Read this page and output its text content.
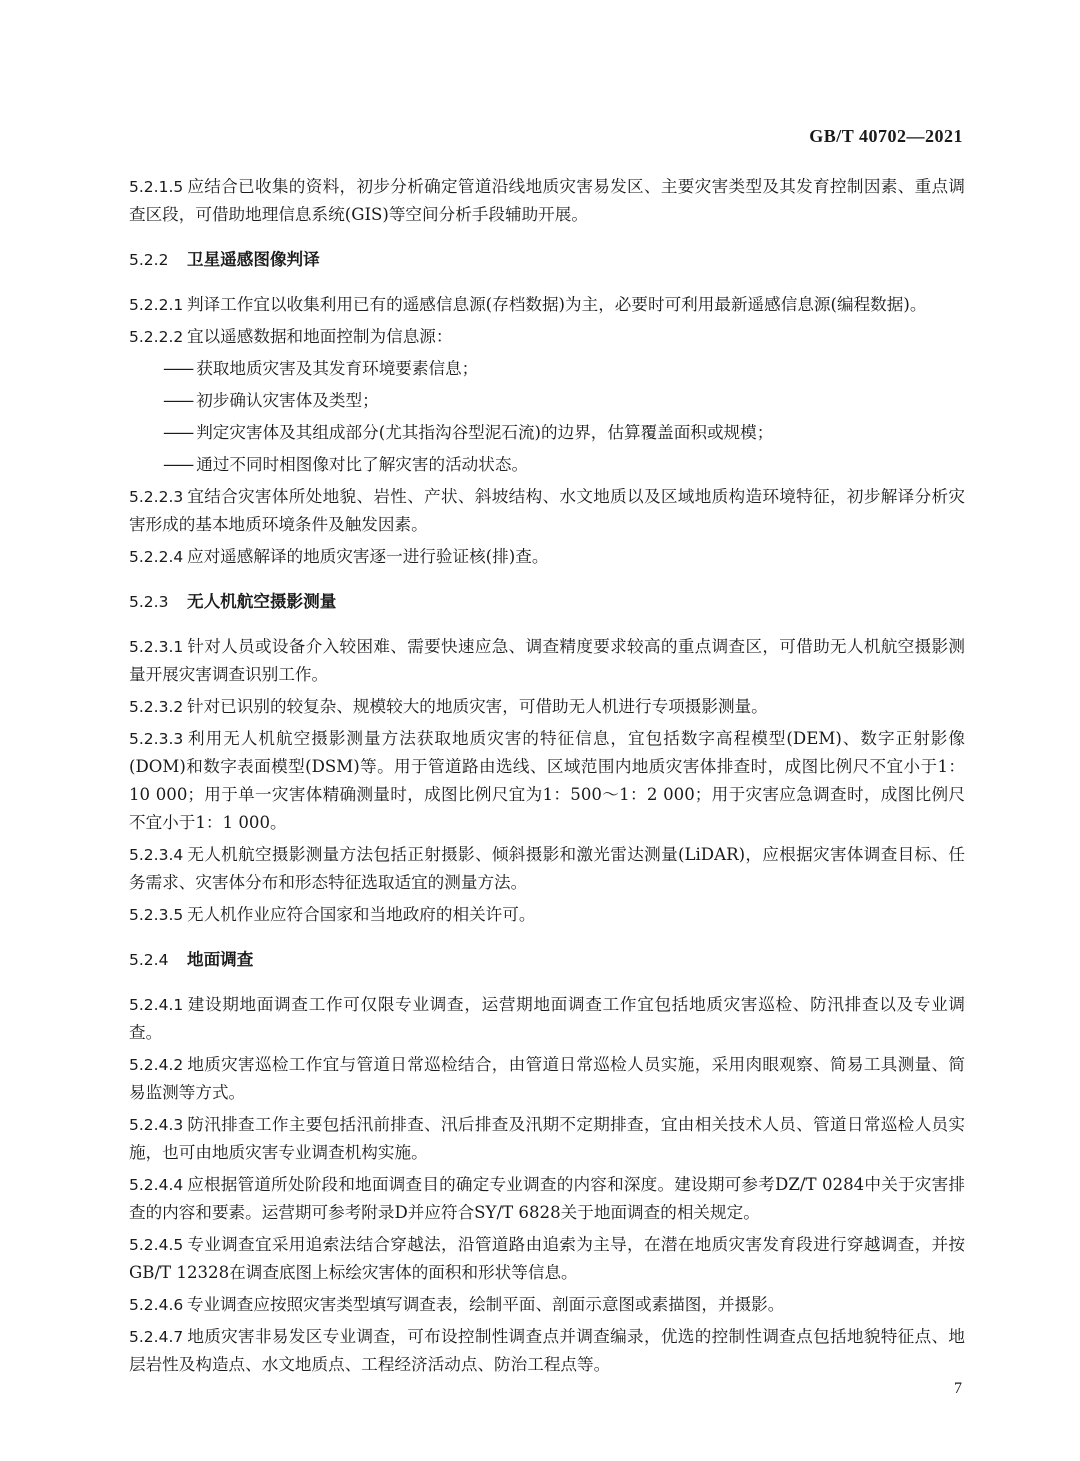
GB/T 40702—2021
5.2.1.5 应结合已收集的资料，初步分析确定管道沿线地质灾害易发区、主要灾害类型及其发育控制因素、重点调查区段，可借助地理信息系统(GIS)等空间分析手段辅助开展。
5.2.2 卫星遥感图像判译
5.2.2.1 判译工作宜以收集利用已有的遥感信息源(存档数据)为主，必要时可利用最新遥感信息源(编程数据)。
5.2.2.2 宜以遥感数据和地面控制为信息源：
—— 获取地质灾害及其发育环境要素信息；
—— 初步确认灾害体及类型；
—— 判定灾害体及其组成部分(尤其指沟谷型泥石流)的边界，估算覆盖面积或规模；
—— 通过不同时相图像对比了解灾害的活动状态。
5.2.2.3 宜结合灾害体所处地貌、岩性、产状、斜坡结构、水文地质以及区域地质构造环境特征，初步解译分析灾害形成的基本地质环境条件及触发因素。
5.2.2.4 应对遥感解译的地质灾害逐一进行验证核(排)查。
5.2.3 无人机航空摄影测量
5.2.3.1 针对人员或设备介入较困难、需要快速应急、调查精度要求较高的重点调查区，可借助无人机航空摄影测量开展灾害调查识别工作。
5.2.3.2 针对已识别的较复杂、规模较大的地质灾害，可借助无人机进行专项摄影测量。
5.2.3.3 利用无人机航空摄影测量方法获取地质灾害的特征信息，宜包括数字高程模型(DEM)、数字正射影像(DOM)和数字表面模型(DSM)等。用于管道路由选线、区域范围内地质灾害体排查时，成图比例尺不宜小于1：10 000；用于单一灾害体精确测量时，成图比例尺宜为1：500～1：2 000；用于灾害应急调查时，成图比例尺不宜小于1：1 000。
5.2.3.4 无人机航空摄影测量方法包括正射摄影、倾斜摄影和激光雷达测量(LiDAR)，应根据灾害体调查目标、任务需求、灾害体分布和形态特征选取适宜的测量方法。
5.2.3.5 无人机作业应符合国家和当地政府的相关许可。
5.2.4 地面调查
5.2.4.1 建设期地面调查工作可仅限专业调查，运营期地面调查工作宜包括地质灾害巡检、防汛排查以及专业调查。
5.2.4.2 地质灾害巡检工作宜与管道日常巡检结合，由管道日常巡检人员实施，采用肉眼观察、简易工具测量、简易监测等方式。
5.2.4.3 防汛排查工作主要包括汛前排查、汛后排查及汛期不定期排查，宜由相关技术人员、管道日常巡检人员实施，也可由地质灾害专业调查机构实施。
5.2.4.4 应根据管道所处阶段和地面调查目的确定专业调查的内容和深度。建设期可参考DZ/T 0284中关于灾害排查的内容和要素。运营期可参考附录D并应符合SY/T 6828关于地面调查的相关规定。
5.2.4.5 专业调查宜采用追索法结合穿越法，沿管道路由追索为主导，在潜在地质灾害发育段进行穿越调查，并按GB/T 12328在调查底图上标绘灾害体的面积和形状等信息。
5.2.4.6 专业调查应按照灾害类型填写调查表，绘制平面、剖面示意图或素描图，并摄影。
5.2.4.7 地质灾害非易发区专业调查，可布设控制性调查点并调查编录，优选的控制性调查点包括地貌特征点、地层岩性及构造点、水文地质点、工程经济活动点、防治工程点等。
7
